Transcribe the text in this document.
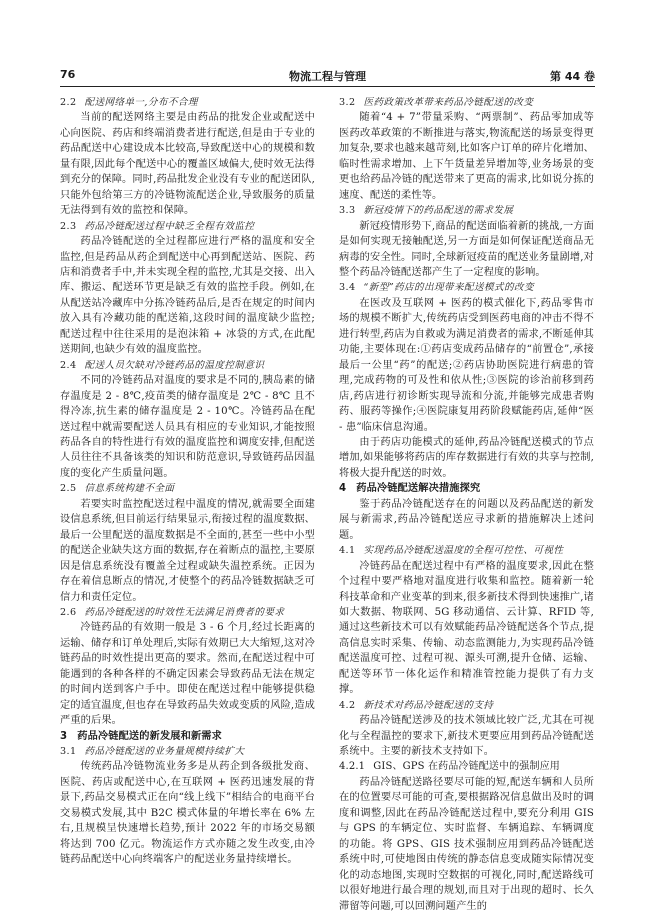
76	物流工程与管理	第 44 卷
2.2 配送网络单一,分布不合理
当前的配送网络主要是由药品的批发企业或配送中心向医院、药店和终端消费者进行配送,但是由于专业的药品配送中心建设成本比较高,导致配送中心的规模和数量有限,因此每个配送中心的覆盖区域偏大,使时效无法得到充分的保障。同时,药品批发企业没有专业的配送团队,只能外包给第三方的冷链物流配送企业,导致服务的质量无法得到有效的监控和保障。
2.3 药品冷链配送过程中缺乏全程有效监控
药品冷链配送的全过程都应进行严格的温度和安全监控,但是药品从药企到配送中心再到配送站、医院、药店和消费者手中,并未实现全程的监控,尤其是交接、出入库、搬运、配送环节更是缺乏有效的监控手段。例如,在从配送站冷藏库中分拣冷链药品后,是否在规定的时间内放入具有冷藏功能的配送箱,这段时间的温度缺少监控;配送过程中往往采用的是泡沫箱 + 冰袋的方式,在此配送期间,也缺少有效的温度监控。
2.4 配送人员欠缺对冷链药品的温度控制意识
不同的冷链药品对温度的要求是不同的,胰岛素的储存温度是 2 - 8℃,疫苗类的储存温度是 2℃ - 8℃ 且不得冷冻,抗生素的储存温度是 2 - 10℃。冷链药品在配送过程中就需要配送人员具有相应的专业知识,才能按照药品各自的特性进行有效的温度监控和调度安排,但配送人员往往不具备该类的知识和防范意识,导致链药品因温度的变化产生质量问题。
2.5 信息系统构建不全面
若要实时监控配送过程中温度的情况,就需要全面建设信息系统,但目前运行结果显示,衔接过程的温度数据、最后一公里配送的温度数据是不全面的,甚至一些中小型的配送企业缺失这方面的数据,存在着断点的温控,主要原因是信息系统没有覆盖全过程或缺失温控系统。正因为存在着信息断点的情况,才使整个的药品冷链数据缺乏可信力和责任定位。
2.6 药品冷链配送的时效性无法满足消费者的要求
冷链药品的有效期一般是 3 - 6 个月,经过长距离的运输、储存和订单处理后,实际有效期已大大缩短,这对冷链药品的时效性提出更高的要求。然而,在配送过程中可能遇到的各种各样的不确定因素会导致药品无法在规定的时间内送到客户手中。即使在配送过程中能够提供稳定的适宜温度,但也存在导致药品失效或变质的风险,造成严重的后果。
3 药品冷链配送的新发展和新需求
3.1 药品冷链配送的业务量规模持续扩大
传统药品冷链物流业务多是从药企到各级批发商、医院、药店或配送中心,在互联网 + 医药迅速发展的背景下,药品交易模式正在向“线上线下”相结合的电商平台交易模式发展,其中 B2C 模式体量的年增长率在 6% 左右,且规模呈快速增长趋势,预计 2022 年的市场交易额将达到 700 亿元。物流运作方式亦随之发生改变,由冷链药品配送中心向终端客户的配送业务量持续增长。
3.2 医药政策改革带来药品冷链配送的改变
随着“4 + 7”带量采购、“两票制”、药品零加成等医药改革政策的不断推进与落实,物流配送的场景变得更加复杂,要求也越来越苛刻,比如客户订单的碎片化增加、临时性需求增加、上下午货量差异增加等,业务场景的变更也给药品冷链的配送带来了更高的需求,比如说分拣的速度、配送的柔性等。
3.3 新冠疫情下的药品配送的需求发展
新冠疫情形势下,商品的配送面临着新的挑战,一方面是如何实现无接触配送,另一方面是如何保证配送商品无病毒的安全性。同时,全球新冠疫苗的配送业务量剧增,对整个药品冷链配送都产生了一定程度的影响。
3.4 “新型”药店的出现带来配送模式的改变
在医改及互联网 + 医药的模式催化下,药品零售市场的规模不断扩大,传统药店受到医药电商的冲击不得不进行转型,药店为自救或为满足消费者的需求,不断延伸其功能,主要体现在:①药店变成药品储存的“前置仓”,承接最后一公里“药”的配送;②药店协助医院进行病患的管理,完成药物的可及性和依从性;③医院的诊治前移到药店,药店进行初诊断实现导流和分流,并能够完成患者购药、服药等操作;④医院康复用药阶段赋能药店,延伸“医 - 患”临床信息沟通。
由于药店功能模式的延伸,药品冷链配送模式的节点增加,如果能够将药店的库存数据进行有效的共享与控制,将极大提升配送的时效。
4 药品冷链配送解决措施探究
鉴于药品冷链配送存在的问题以及药品配送的新发展与新需求,药品冷链配送应寻求新的措施解决上述问题。
4.1 实现药品冷链配送温度的全程可控性、可视性
冷链药品在配送过程中有严格的温度要求,因此在整个过程中要严格地对温度进行收集和监控。随着新一轮科技革命和产业变革的到来,很多新技术得到快速推广,诸如大数据、物联网、5G 移动通信、云计算、RFID 等,通过这些新技术可以有效赋能药品冷链配送各个节点,提高信息实时采集、传输、动态监测能力,为实现药品冷链配送温度可控、过程可视、源头可溯,提升仓储、运输、配送等环节一体化运作和精准管控能力提供了有力支撑。
4.2 新技术对药品冷链配送的支持
药品冷链配送涉及的技术领域比较广泛,尤其在可视化与全程温控的要求下,新技术更要应用到药品冷链配送系统中。主要的新技术支持如下。
4.2.1 GIS、GPS 在药品冷链配送中的强制应用
药品冷链配送路径要尽可能的短,配送车辆和人员所在的位置要尽可能的可查,要根据路况信息做出及时的调度和调整,因此在药品冷链配送过程中,要充分利用 GIS 与 GPS 的车辆定位、实时监督、车辆追踪、车辆调度的功能。将 GPS、GIS 技术强制应用到药品冷链配送系统中时,可使地图由传统的静态信息变成随实际情况变化的动态地图,实现时空数据的可视化,同时,配送路线可以很好地进行最合理的规划,而且对于出现的超时、长久滞留等问题,可以回溯问题产生的
